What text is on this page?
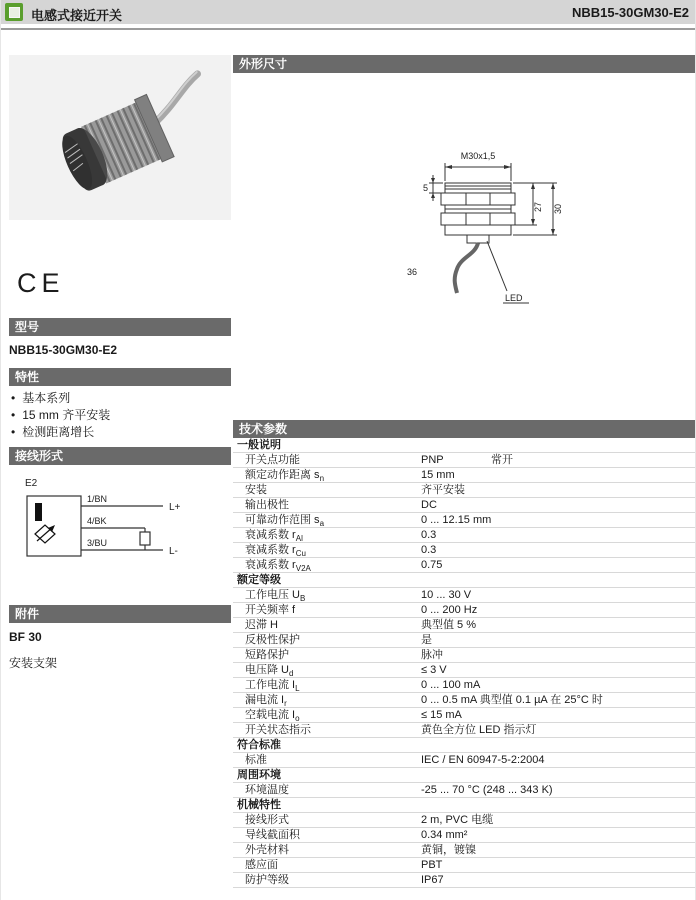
电感式接近开关	NBB15-30GM30-E2
CE
型号
NBB15-30GM30-E2
特性
• 基本系列
• 15 mm 齐平安装
• 检测距离增长
接线形式
E2
1/BN
L+
4/BK
3/BU
L-
附件
BF 30
安装支架
外形尺寸
M30x1,5
5
27 30
36
LED
技术参数
一般说明
开关点功能	PNP	常开
额定动作距离 $s_n$	15 mm
安装	齐平安装
输出极性	DC
可靠动作范围 $s_a$	0 ... 12.15 mm
衰减系数 $r_{Al}$	0.3
衰减系数 $r_{Cu}$	0.3
衰减系数 $r_{V2A}$	0.75
额定等级
工作电压 $U_B$	10 ... 30 V
开关频率 f	0 ... 200 Hz
迟滞 H	典型值 5 %
反极性保护	是
短路保护	脉冲
电压降 $U_d$	≤ 3 V
工作电流 $I_L$	0 ... 100 mA
漏电流 $I_r$	0 ... 0.5 mA 典型值 0.1 µA 在 25°C 时
空载电流 $I_o$	≤ 15 mA
开关状态指示	黄色全方位 LED 指示灯
符合标准
标准	IEC / EN 60947-5-2:2004
周围环境
环境温度	-25 ... 70 °C (248 ... 343 K)
机械特性
接线形式	2 m, PVC 电缆
导线截面积	0.34 mm²
外壳材料	黄铜，镀镍
感应面	PBT
防护等级	IP67
